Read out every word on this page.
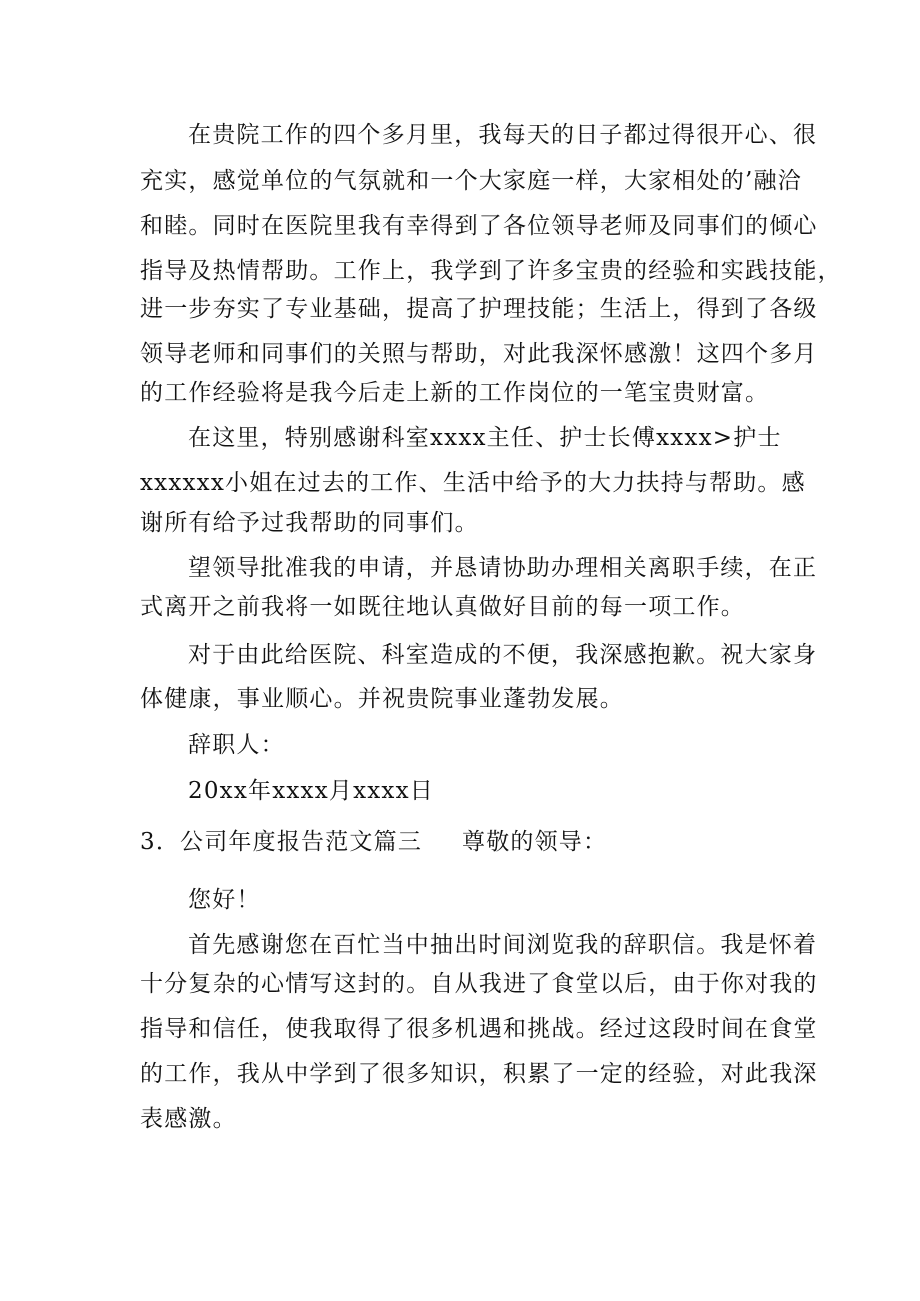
在贵院工作的四个多月里，我每天的日子都过得很开心、很
充实，感觉单位的气氛就和一个大家庭一样，大家相处的’融洽
和睦。同时在医院里我有幸得到了各位领导老师及同事们的倾心
指导及热情帮助。工作上，我学到了许多宝贵的经验和实践技能，
进一步夯实了专业基础，提高了护理技能；生活上，得到了各级
领导老师和同事们的关照与帮助，对此我深怀感激！这四个多月
的工作经验将是我今后走上新的工作岗位的一笔宝贵财富。
在这里，特别感谢科室xxxx主任、护士长傅xxxx>护士
xxxxxx小姐在过去的工作、生活中给予的大力扶持与帮助。感
谢所有给予过我帮助的同事们。
望领导批准我的申请，并恳请协助办理相关离职手续，在正
式离开之前我将一如既往地认真做好目前的每一项工作。
对于由此给医院、科室造成的不便，我深感抱歉。祝大家身
体健康，事业顺心。并祝贵院事业蓬勃发展。
辞职人：
20xx年xxxx月xxxx日
3．公司年度报告范文篇三 尊敬的领导：
您好！
首先感谢您在百忙当中抽出时间浏览我的辞职信。我是怀着
十分复杂的心情写这封的。自从我进了食堂以后，由于你对我的
指导和信任，使我取得了很多机遇和挑战。经过这段时间在食堂
的工作，我从中学到了很多知识，积累了一定的经验，对此我深
表感激。
